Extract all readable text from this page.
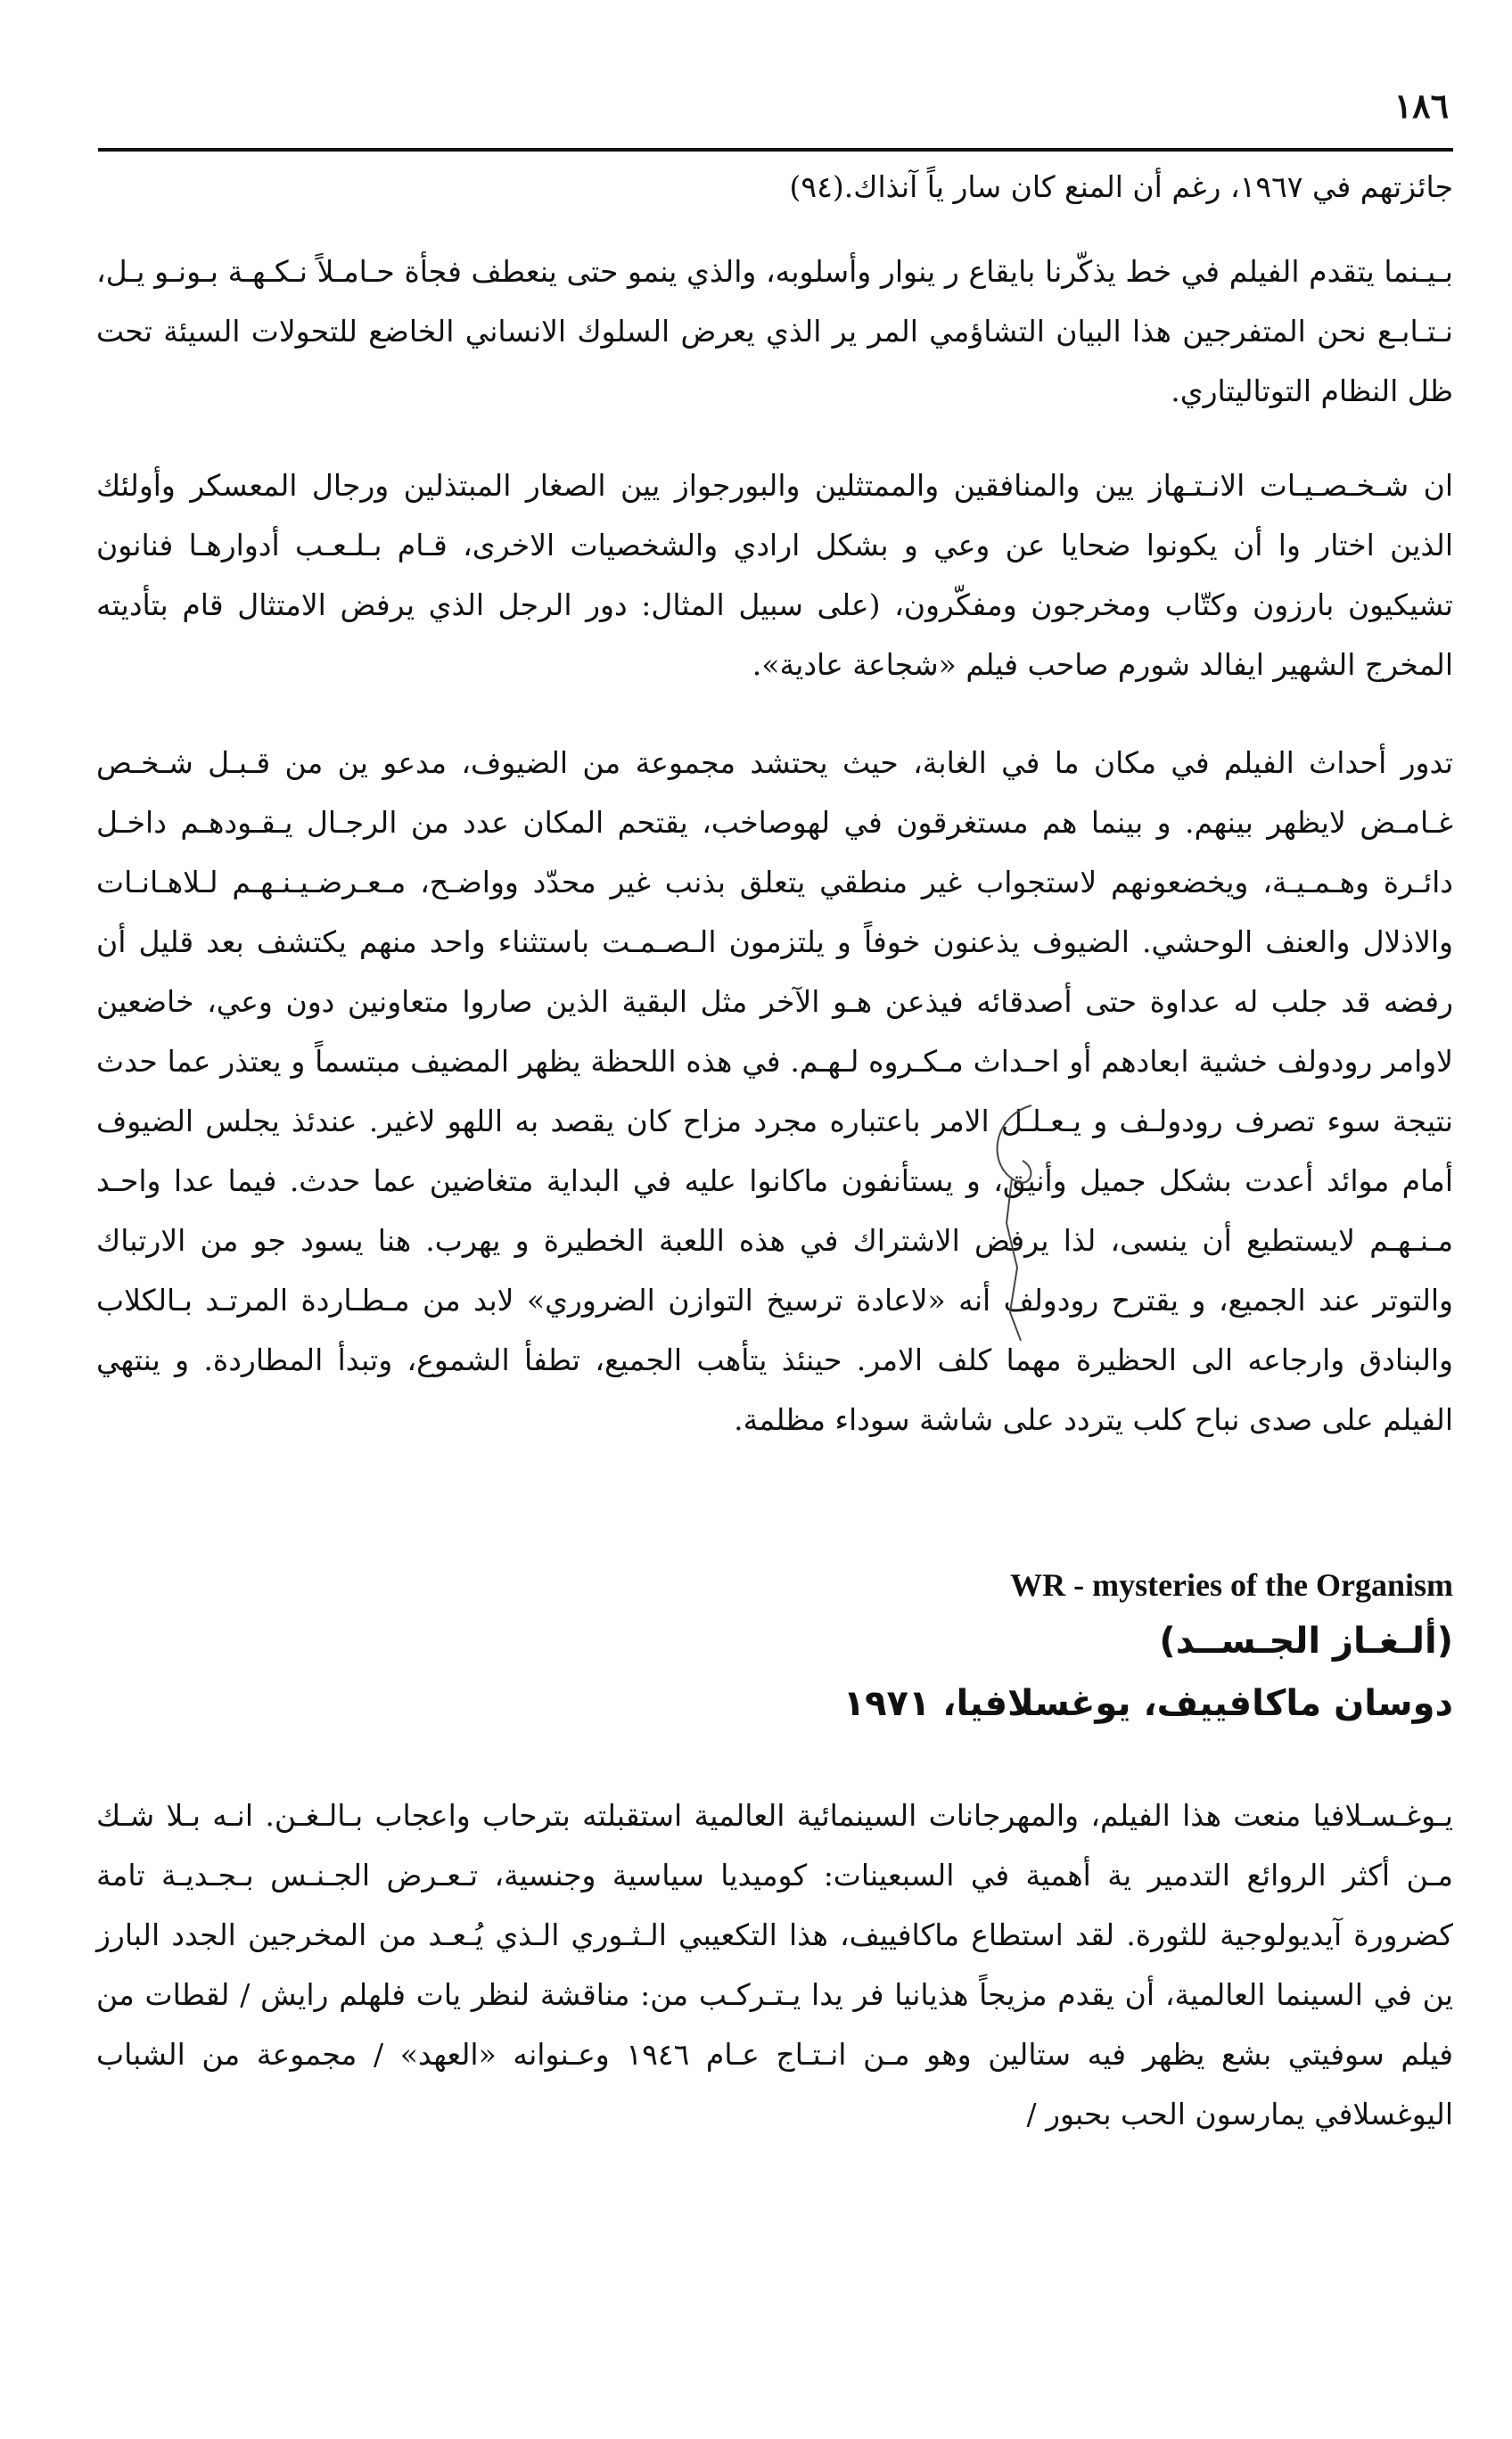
١٨٦

جائزتهم في ١٩٦٧، رغم أن المنع كان سار ياً آنذاك.(٩٤)

بـيـنما يتقدم الفيلم في خط يذكّرنا بايقاع ر ينوار وأسلوبه، والذي ينمو حتى ينعطف فجأة حـامـلاً نـكـهـة بـونـو يـل، نـتـابـع نحن المتفرجين هذا البيان التشاؤمي المر ير الذي يعرض السلوك الانساني الخاضع للتحولات السيئة تحت ظل النظام التوتاليتاري.

ان شـخـصـيـات الانـتـهاز يين والمنافقين والممتثلين والبورجواز يين الصغار المبتذلين ورجال المعسكر وأولئك الذين اختار وا أن يكونوا ضحايا عن وعي و بشكل ارادي والشخصيات الاخرى، قـام بـلـعـب أدوارهـا فنانون تشيكيون بارزون وكتّاب ومخرجون ومفكّرون، (على سبيل المثال: دور الرجل الذي يرفض الامتثال قام بتأديته المخرج الشهير ايفالد شورم صاحب فيلم «شجاعة عادية».

تدور أحداث الفيلم في مكان ما في الغابة، حيث يحتشد مجموعة من الضيوف، مدعو ين من قـبـل شـخـص غـامـض لايظهر بينهم. و بينما هم مستغرقون في لهوصاخب، يقتحم المكان عدد من الرجـال يـقـودهـم داخـل دائـرة وهـمـيـة، ويخضعونهم لاستجواب غير منطقي يتعلق بذنب غير محدّد وواضـح، مـعـرضـيـنـهـم لـلاهـانـات والاذلال والعنف الوحشي. الضيوف يذعنون خوفاً و يلتزمون الـصـمـت باستثناء واحد منهم يكتشف بعد قليل أن رفضه قد جلب له عداوة حتى أصدقائه فيذعن هـو الآخر مثل البقية الذين صاروا متعاونين دون وعي، خاضعين لاوامر رودولف خشية ابعادهم أو احـداث مـكـروه لـهـم. في هذه اللحظة يظهر المضيف مبتسماً و يعتذر عما حدث نتيجة سوء تصرف رودولـف و يـعـلـل الامر باعتباره مجرد مزاح كان يقصد به اللهو لاغير. عندئذ يجلس الضيوف أمام موائد أعدت بشكل جميل وأنيق، و يستأنفون ماكانوا عليه في البداية متغاضين عما حدث. فيما عدا واحـد مـنـهـم لايستطيع أن ينسى، لذا يرفض الاشتراك في هذه اللعبة الخطيرة و يهرب. هنا يسود جو من الارتباك والتوتر عند الجميع، و يقترح رودولف أنه «لاعادة ترسيخ التوازن الضروري» لابد من مـطـاردة المرتـد بـالكلاب والبنادق وارجاعه الى الحظيرة مهما كلف الامر. حينئذ يتأهب الجميع، تطفأ الشموع، وتبدأ المطاردة. و ينتهي الفيلم على صدى نباح كلب يتردد على شاشة سوداء مظلمة.

WR - mysteries of the Organism
(ألـغـاز الجـســد)
دوسان ماكافييف، يوغسلافيا، ١٩٧١

يـوغـسـلافيا منعت هذا الفيلم، والمهرجانات السينمائية العالمية استقبلته بترحاب واعجاب بـالـغـن. انـه بـلا شـك مـن أكثر الروائع التدمير ية أهمية في السبعينات: كوميديا سياسية وجنسية، تـعـرض الجـنـس بـجـديـة تامة كضرورة آيديولوجية للثورة. لقد استطاع ماكافييف، هذا التكعيبي الـثـوري الـذي يُـعـد من المخرجين الجدد البارز ين في السينما العالمية، أن يقدم مزيجاً هذيانيا فر يدا يـتـركـب من: مناقشة لنظر يات فلهلم رايش / لقطات من فيلم سوفيتي بشع يظهر فيه ستالين وهو مـن انـتـاج عـام ١٩٤٦ وعـنوانه «العهد» / مجموعة من الشباب اليوغسلافي يمارسون الحب بحبور /
